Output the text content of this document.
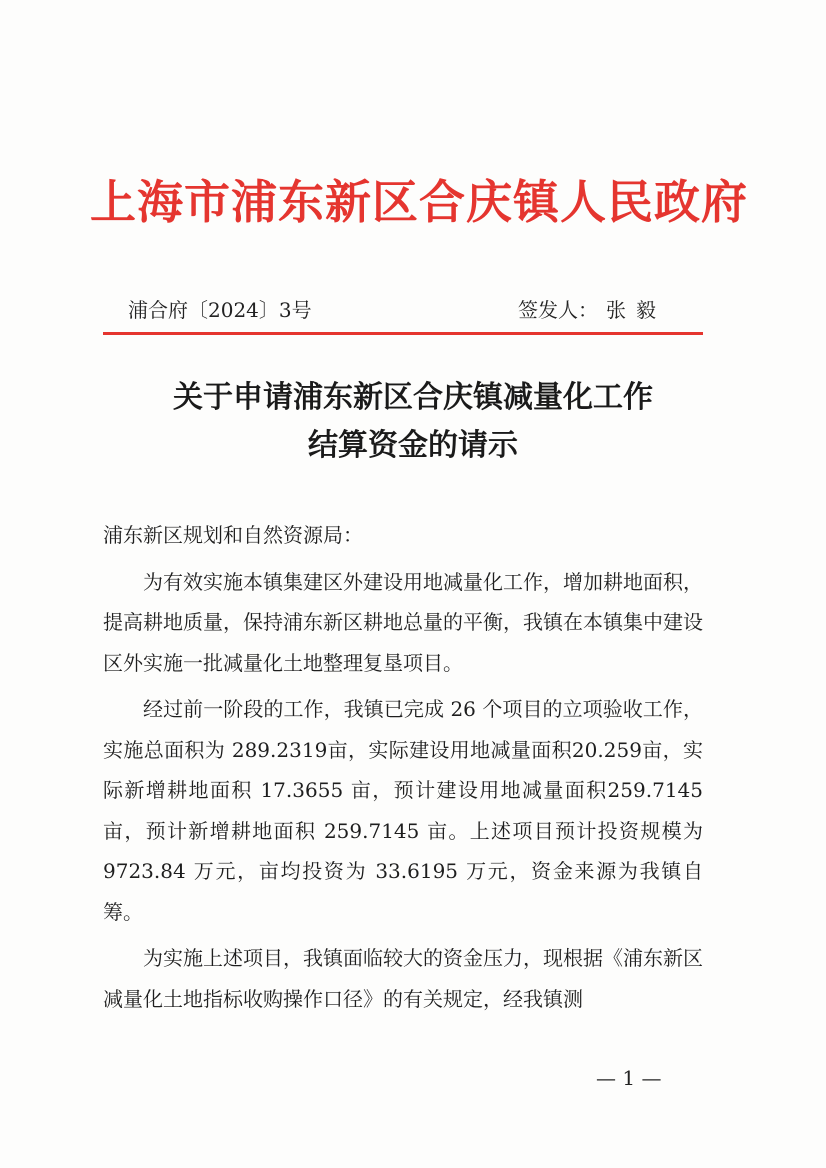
上海市浦东新区合庆镇人民政府
浦合府〔2024〕3号	签发人： 张毅
关于申请浦东新区合庆镇减量化工作
结算资金的请示

浦东新区规划和自然资源局：

为有效实施本镇集建区外建设用地减量化工作，增加耕地面积，提高耕地质量，保持浦东新区耕地总量的平衡，我镇在本镇集中建设区外实施一批减量化土地整理复垦项目。

经过前一阶段的工作，我镇已完成 26 个项目的立项验收工作，实施总面积为 289.2319亩，实际建设用地减量面积20.259亩，实际新增耕地面积 17.3655 亩，预计建设用地减量面积259.7145亩，预计新增耕地面积 259.7145 亩。上述项目预计投资规模为 9723.84 万元，亩均投资为 33.6195 万元，资金来源为我镇自筹。

为实施上述项目，我镇面临较大的资金压力，现根据《浦东新区减量化土地指标收购操作口径》的有关规定，经我镇测

— 1 —
